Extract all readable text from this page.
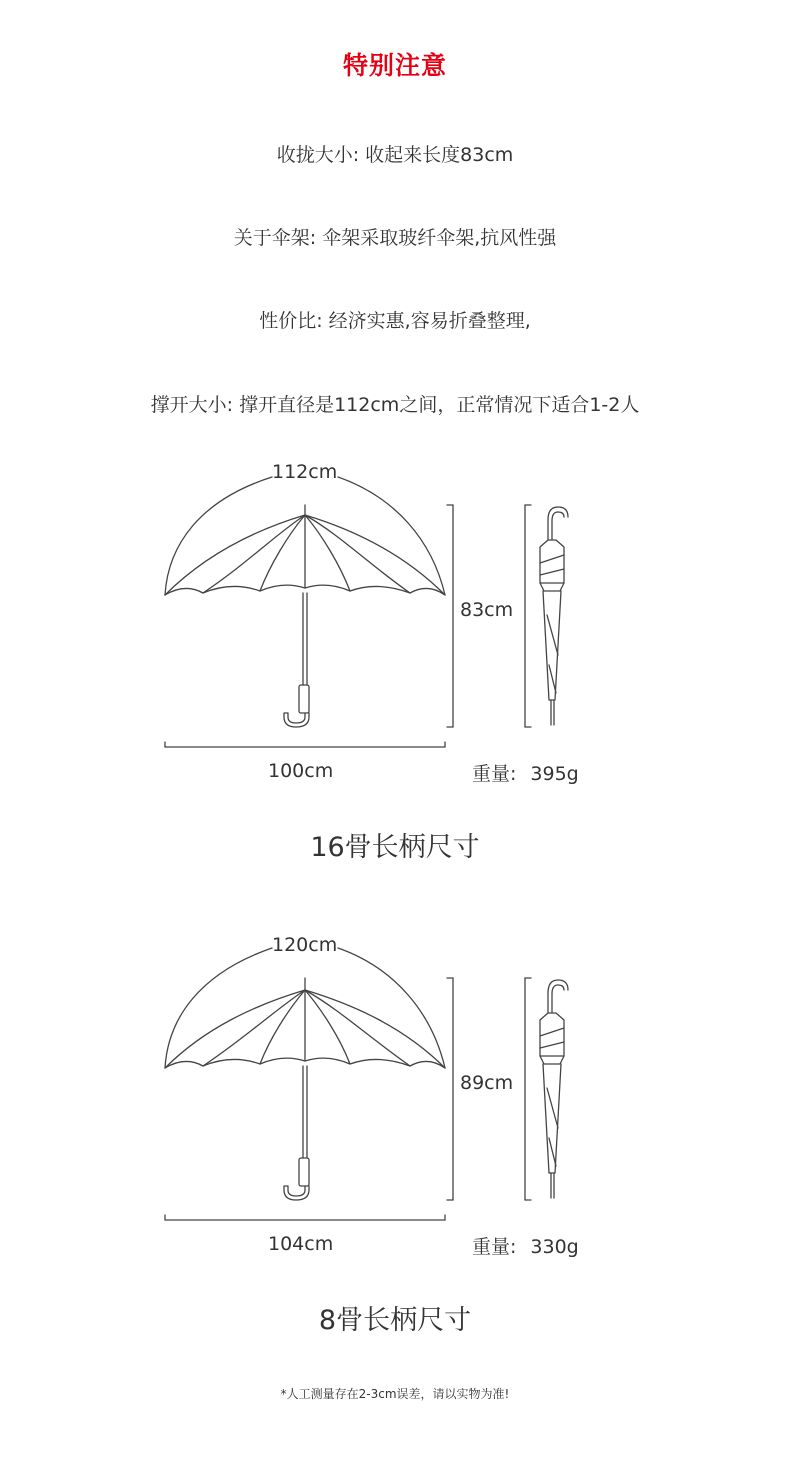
特别注意
收拢大小: 收起来长度83cm
关于伞架: 伞架采取玻纤伞架,抗风性强
性价比: 经济实惠,容易折叠整理,
撑开大小: 撑开直径是112cm之间，正常情况下适合1-2人
112cm
83cm
100cm	重量: 395g
16骨长柄尺寸
120cm
89cm
104cm	重量: 330g
8骨长柄尺寸
*人工测量存在2-3cm误差，请以实物为准!
